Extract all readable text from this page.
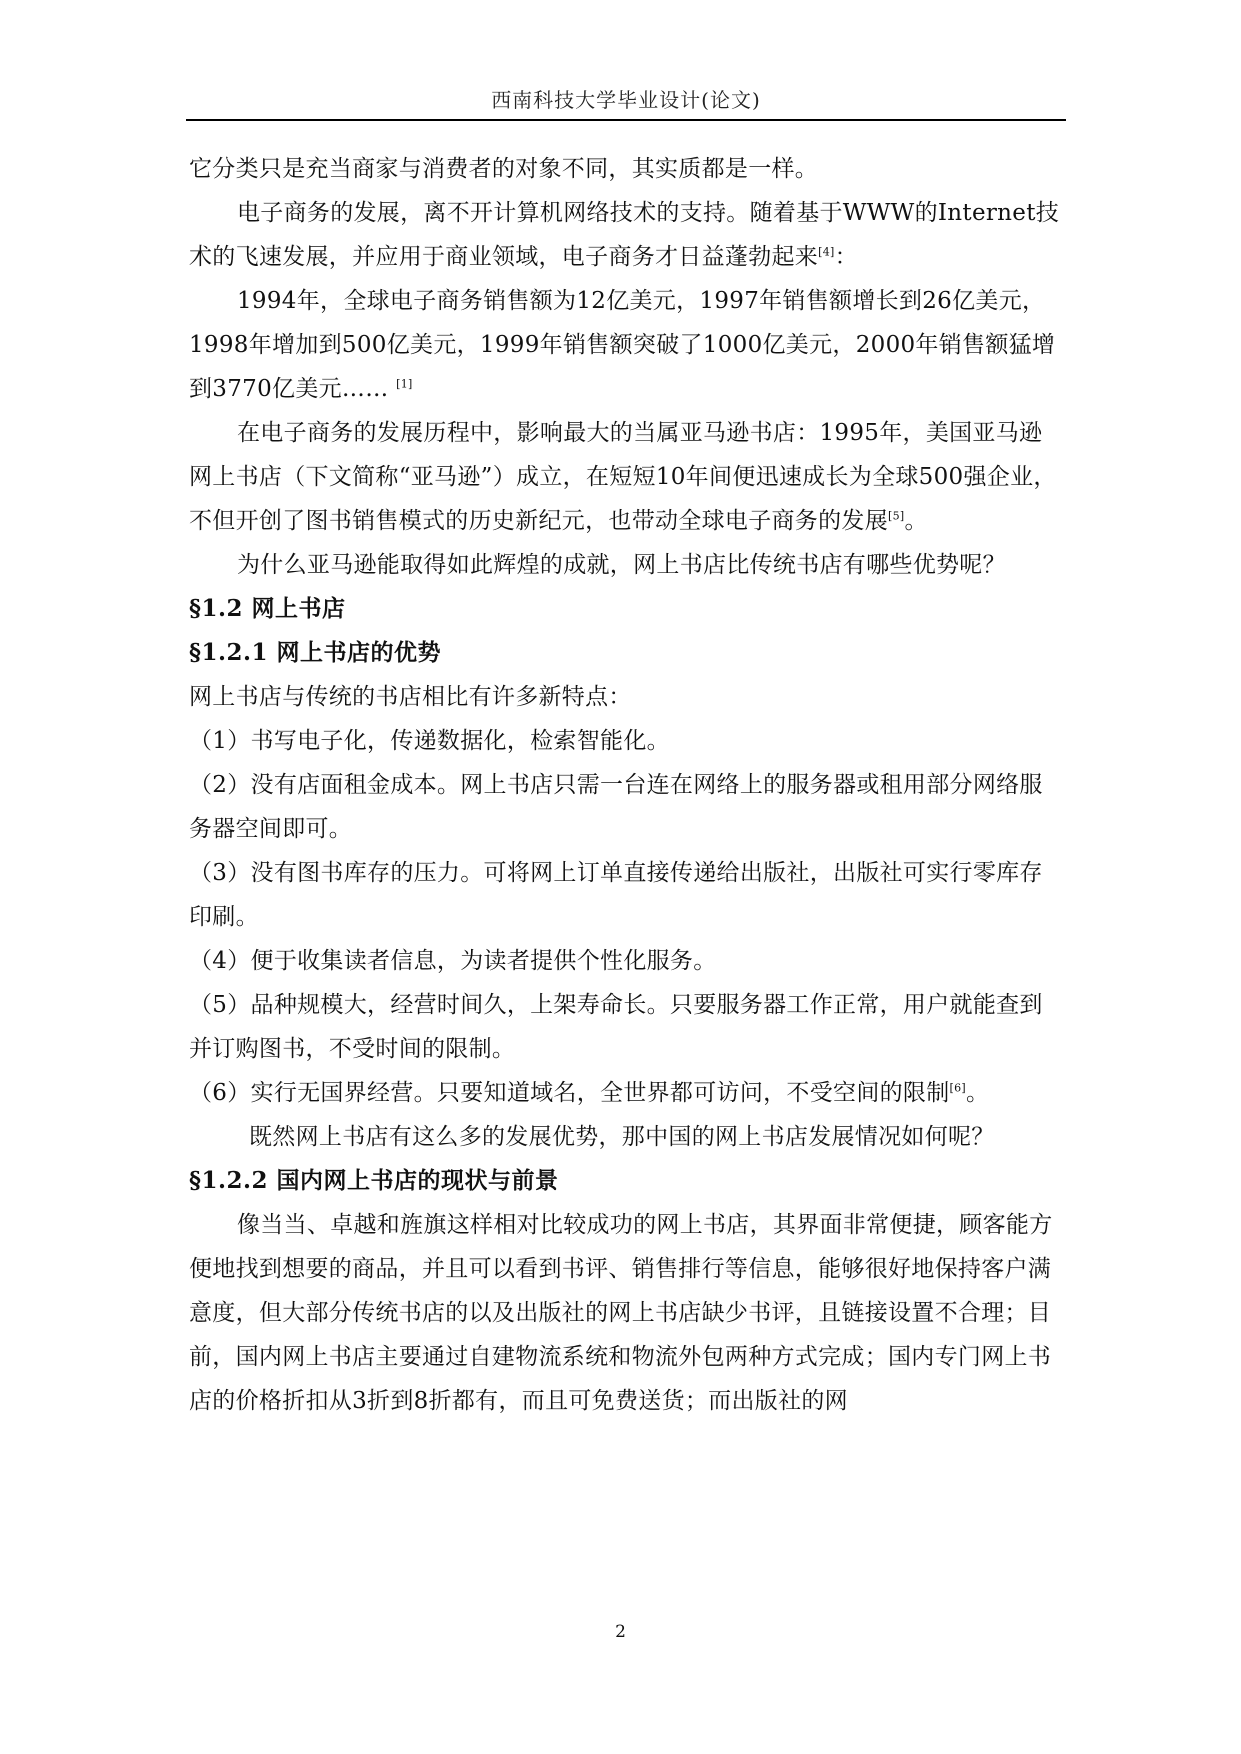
西南科技大学毕业设计(论文)

它分类只是充当商家与消费者的对象不同，其实质都是一样。

电子商务的发展，离不开计算机网络技术的支持。随着基于WWW的Internet技术的飞速发展，并应用于商业领域，电子商务才日益蓬勃起来[4]：

1994年，全球电子商务销售额为12亿美元，1997年销售额增长到26亿美元，1998年增加到500亿美元，1999年销售额突破了1000亿美元，2000年销售额猛增到3770亿美元…… [1]

在电子商务的发展历程中，影响最大的当属亚马逊书店：1995年，美国亚马逊网上书店（下文简称“亚马逊”）成立，在短短10年间便迅速成长为全球500强企业，不但开创了图书销售模式的历史新纪元，也带动全球电子商务的发展[5]。

为什么亚马逊能取得如此辉煌的成就，网上书店比传统书店有哪些优势呢？

§1.2 网上书店

§1.2.1 网上书店的优势

网上书店与传统的书店相比有许多新特点：

（1）书写电子化，传递数据化，检索智能化。

（2）没有店面租金成本。网上书店只需一台连在网络上的服务器或租用部分网络服务器空间即可。

（3）没有图书库存的压力。可将网上订单直接传递给出版社，出版社可实行零库存印刷。

（4）便于收集读者信息，为读者提供个性化服务。

（5）品种规模大，经营时间久，上架寿命长。只要服务器工作正常，用户就能查到并订购图书，不受时间的限制。

（6）实行无国界经营。只要知道域名，全世界都可访问，不受空间的限制[6]。

既然网上书店有这么多的发展优势，那中国的网上书店发展情况如何呢？

§1.2.2 国内网上书店的现状与前景

像当当、卓越和旌旗这样相对比较成功的网上书店，其界面非常便捷，顾客能方便地找到想要的商品，并且可以看到书评、销售排行等信息，能够很好地保持客户满意度，但大部分传统书店的以及出版社的网上书店缺少书评，且链接设置不合理；目前，国内网上书店主要通过自建物流系统和物流外包两种方式完成；国内专门网上书店的价格折扣从3折到8折都有，而且可免费送货；而出版社的网

2
